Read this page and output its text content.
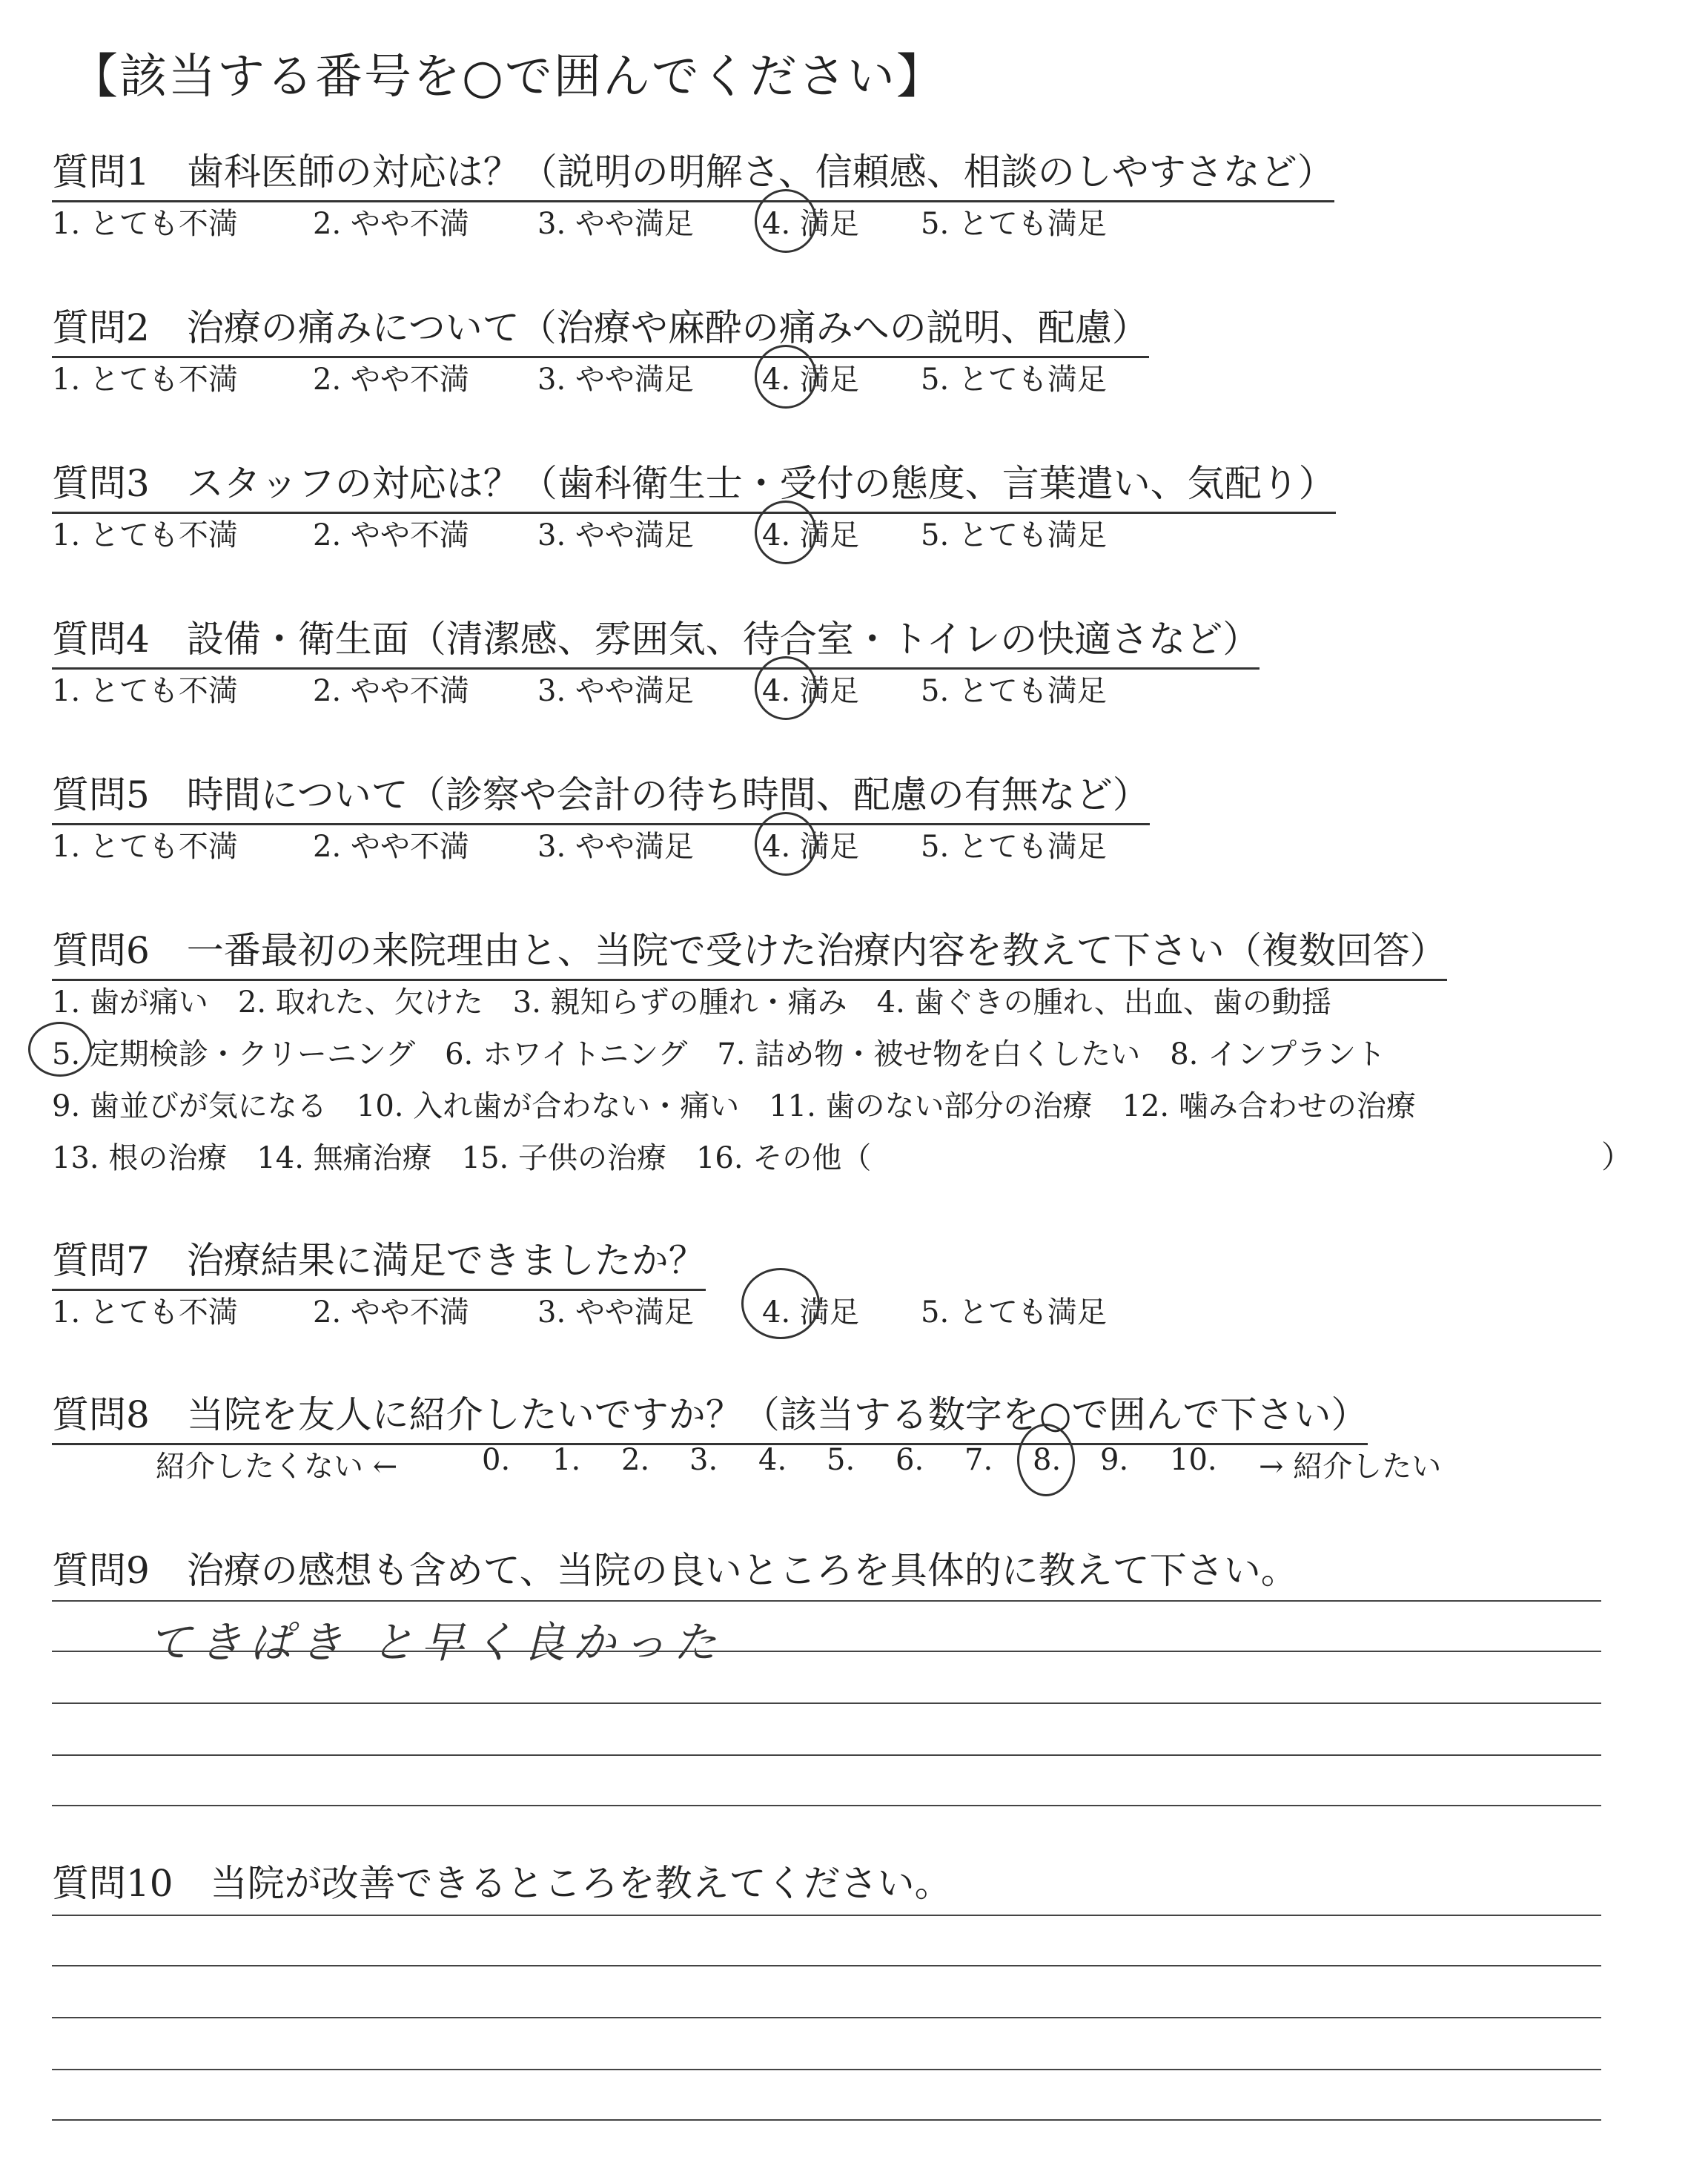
【該当する番号を○で囲んでください】
質問1　歯科医師の対応は？（説明の明解さ、信頼感、相談のしやすさなど）
1. とても不満	2. やや不満 3. やや満足 4. 満足 5. とても満足
質問2　治療の痛みについて（治療や麻酔の痛みへの説明、配慮）
1. とても不満	2. やや不満 3. やや満足 4. 満足 5. とても満足
質問3　スタッフの対応は？（歯科衛生士・受付の態度、言葉遣い、気配り）
1. とても不満	2. やや不満 3. やや満足 4. 満足 5. とても満足
質問4　設備・衛生面（清潔感、雰囲気、待合室・トイレの快適さなど）
1. とても不満	2. やや不満 3. やや満足 4. 満足 5. とても満足
質問5　時間について（診察や会計の待ち時間、配慮の有無など）
1. とても不満	2. やや不満 3. やや満足 4. 満足 5. とても満足
質問6　一番最初の来院理由と、当院で受けた治療内容を教えて下さい（複数回答）
1. 歯が痛い　2. 取れた、欠けた　3. 親知らずの腫れ・痛み　4. 歯ぐきの腫れ、出血、歯の動揺
5. 定期検診・クリーニング　6. ホワイトニング　7. 詰め物・被せ物を白くしたい　8. インプラント
9. 歯並びが気になる　10. 入れ歯が合わない・痛い　11. 歯のない部分の治療　12. 噛み合わせの治療
13. 根の治療　14. 無痛治療　15. 子供の治療　16. その他（	）
質問7　治療結果に満足できましたか？
1. とても不満	2. やや不満 3. やや満足 4. 満足 5. とても満足
質問8　当院を友人に紹介したいですか？（該当する数字を○で囲んで下さい）
紹介したくない ←	0. 1. 2. 3. 4. 5. 6. 7. 8. 9. 10. → 紹介したい
質問9　治療の感想も含めて、当院の良いところを具体的に教えて下さい。
てきぱき と早く良かった
質問10　当院が改善できるところを教えてください。
